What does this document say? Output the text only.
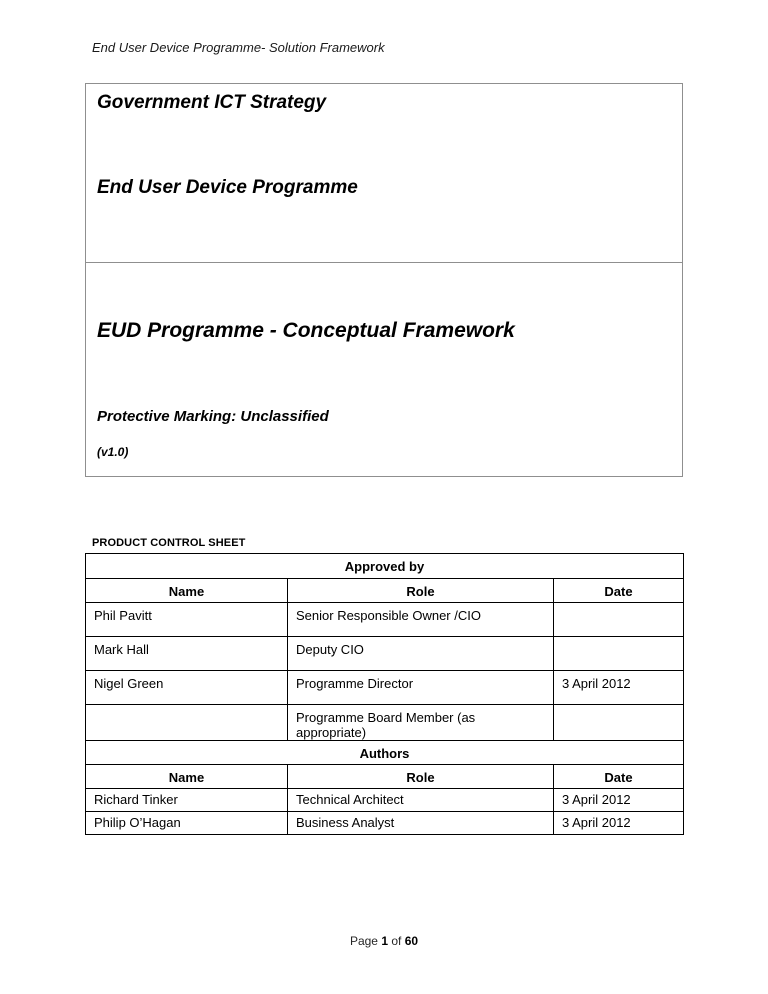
End User Device Programme- Solution Framework
Government ICT Strategy
End User Device Programme
EUD Programme - Conceptual Framework
Protective Marking: Unclassified
(v1.0)
PRODUCT CONTROL SHEET
Approved by		
Name	Role	Date
Phil Pavitt	Senior Responsible Owner /CIO	
Mark Hall	Deputy CIO	
Nigel Green	Programme Director	3 April 2012
	Programme Board Member (as appropriate)	
Authors		
Name	Role	Date
Richard Tinker	Technical Architect	3 April 2012
Philip O’Hagan	Business Analyst	3 April 2012
Page 1 of 60
